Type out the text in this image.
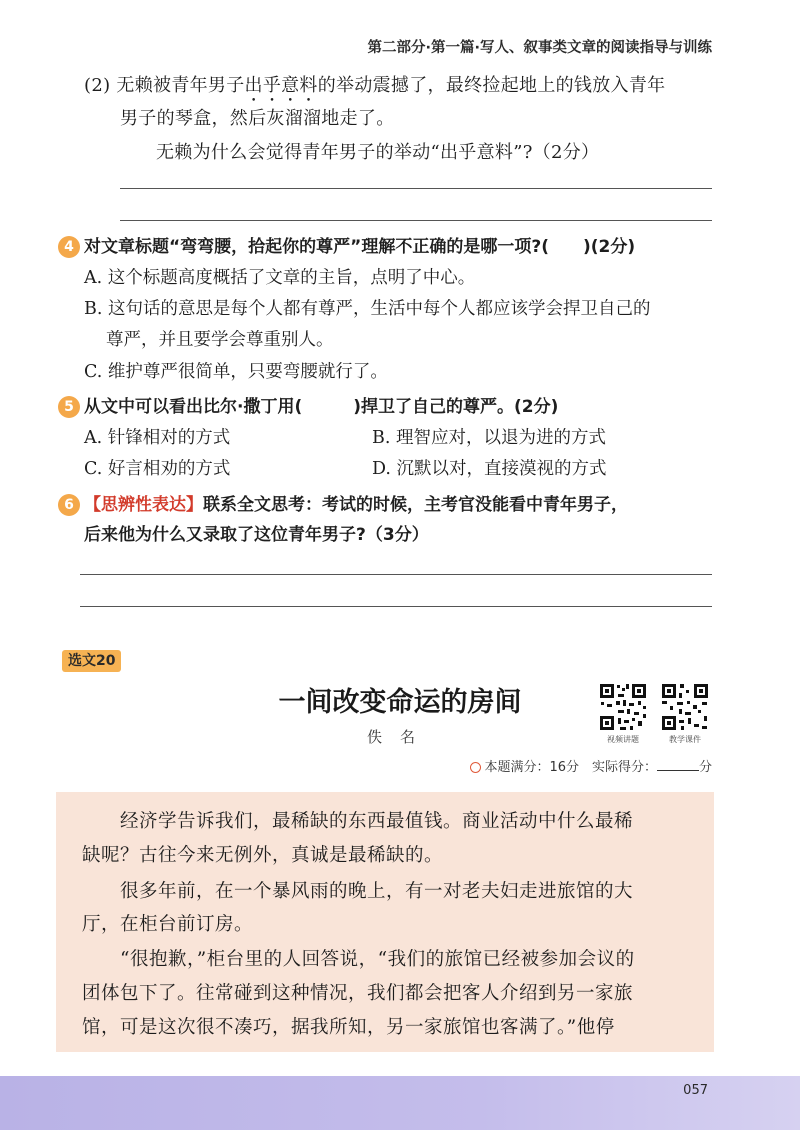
第二部分·第一篇·写人、叙事类文章的阅读指导与训练
(2) 无赖被青年男子出乎意料的举动震撼了，最终捡起地上的钱放入青年
男子的琴盒，然后灰溜溜地走了。
无赖为什么会觉得青年男子的举动“出乎意料”?（2分）
4 对文章标题“弯弯腰，拾起你的尊严”理解不正确的是哪一项?(　　)(2分)
A. 这个标题高度概括了文章的主旨，点明了中心。
B. 这句话的意思是每个人都有尊严，生活中每个人都应该学会捍卫自己的
尊严，并且要学会尊重别人。
C. 维护尊严很简单，只要弯腰就行了。
5 从文中可以看出比尔·撒丁用(　　　)捍卫了自己的尊严。(2分)
A. 针锋相对的方式	B. 理智应对，以退为进的方式
C. 好言相劝的方式	D. 沉默以对，直接漠视的方式
6 【思辨性表达】联系全文思考：考试的时候，主考官没能看中青年男子，
后来他为什么又录取了这位青年男子?（3分）
选文20
一间改变命运的房间
佚名	视频讲题	教学课件
本题满分：16分　实际得分：	分
经济学告诉我们，最稀缺的东西最值钱。商业活动中什么最稀
缺呢？古往今来无例外，真诚是最稀缺的。
很多年前，在一个暴风雨的晚上，有一对老夫妇走进旅馆的大
厅，在柜台前订房。
“很抱歉，”柜台里的人回答说，“我们的旅馆已经被参加会议的
团体包下了。往常碰到这种情况，我们都会把客人介绍到另一家旅
馆，可是这次很不凑巧，据我所知，另一家旅馆也客满了。”他停
057
